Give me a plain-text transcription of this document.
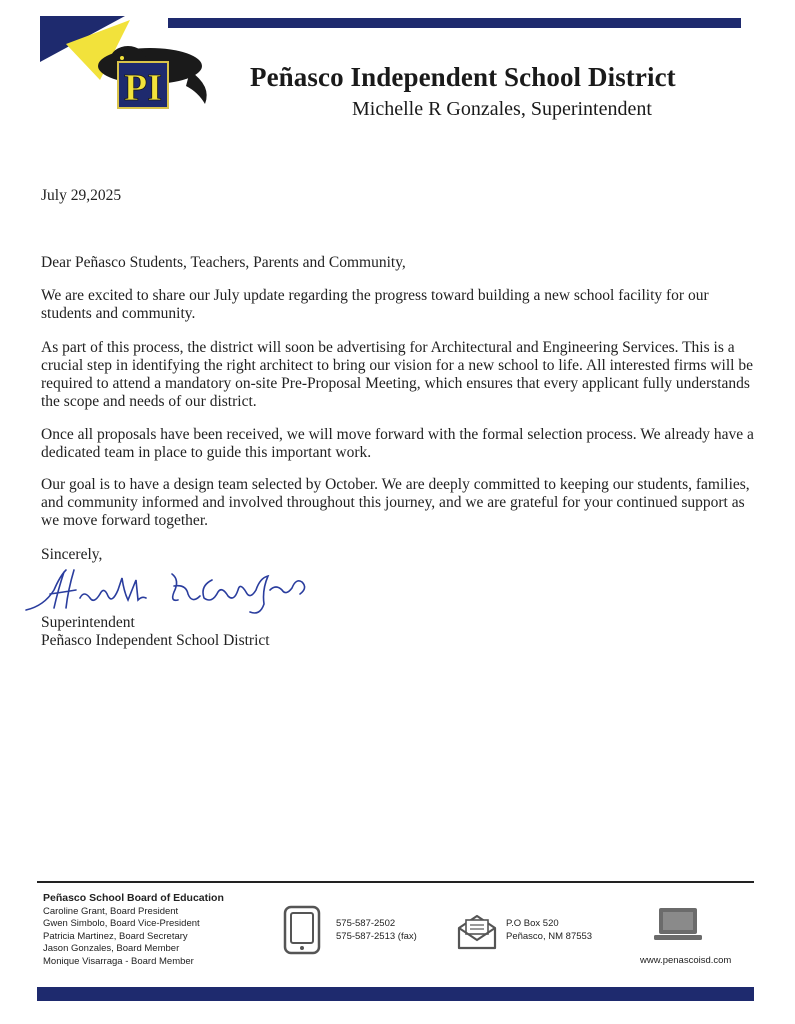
PI	Peñasco Independent School District
Michelle R Gonzales, Superintendent
July 29,2025
Dear Peñasco Students, Teachers, Parents and Community,
We are excited to share our July update regarding the progress toward building a new school facility for our students and community.
As part of this process, the district will soon be advertising for Architectural and Engineering Services. This is a crucial step in identifying the right architect to bring our vision for a new school to life. All interested firms will be required to attend a mandatory on-site Pre-Proposal Meeting, which ensures that every applicant fully understands the scope and needs of our district.
Once all proposals have been received, we will move forward with the formal selection process. We already have a dedicated team in place to guide this important work.
Our goal is to have a design team selected by October. We are deeply committed to keeping our students, families, and community informed and involved throughout this journey, and we are grateful for your continued support as we move forward together.
Sincerely,
Superintendent
Peñasco Independent School District
Peñasco School Board of Education
Caroline Grant, Board President
Gwen Simbolo, Board Vice-President
Patricia Martinez, Board Secretary
Jason Gonzales, Board Member
Monique Visarraga - Board Member
575-587-2502
575-587-2513 (fax)
P.O Box 520
Peñasco, NM 87553
www.penascoisd.com
